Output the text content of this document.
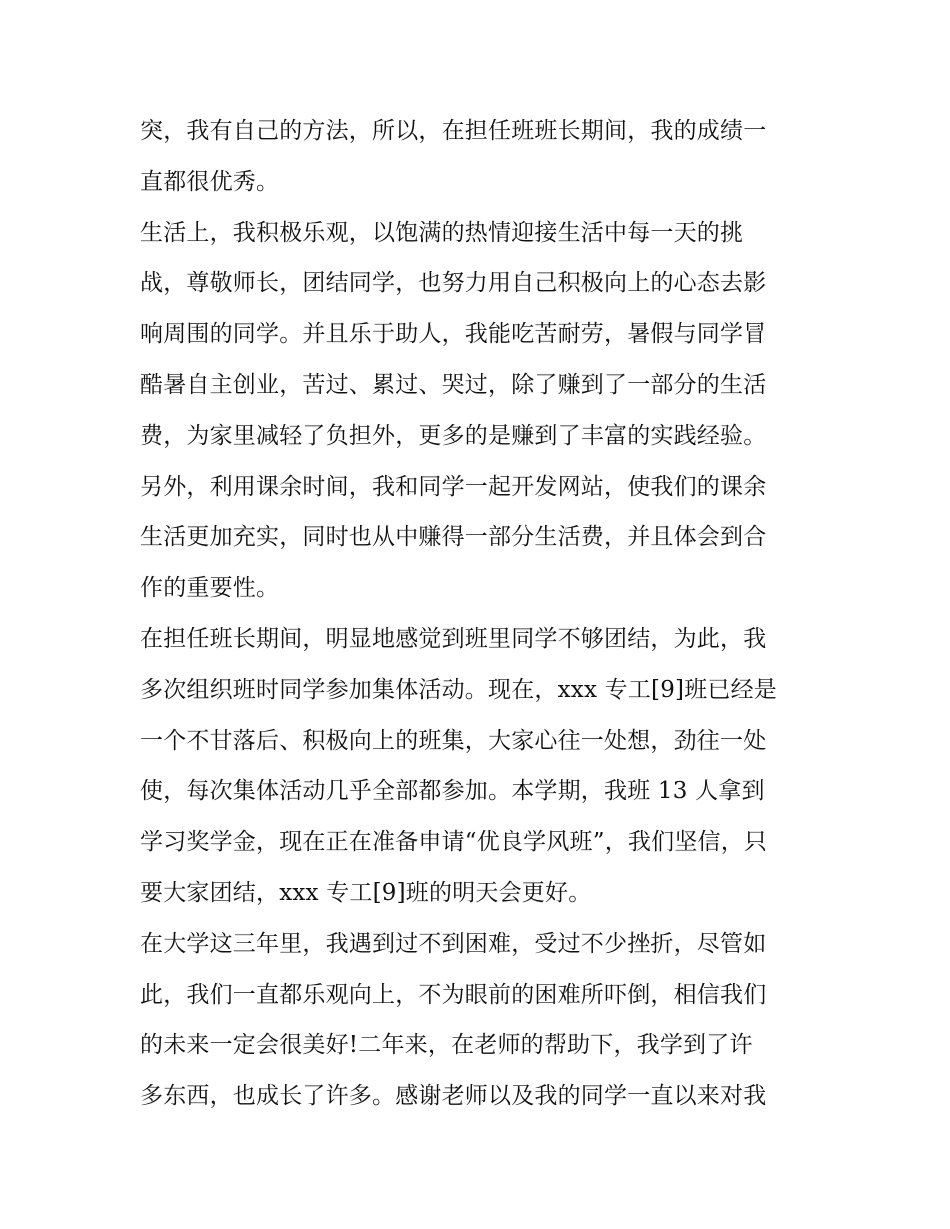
突，我有自己的方法，所以，在担任班班长期间，我的成绩一
直都很优秀。
生活上，我积极乐观，以饱满的热情迎接生活中每一天的挑
战，尊敬师长，团结同学，也努力用自己积极向上的心态去影
响周围的同学。并且乐于助人，我能吃苦耐劳，暑假与同学冒
酷暑自主创业，苦过、累过、哭过，除了赚到了一部分的生活
费，为家里减轻了负担外，更多的是赚到了丰富的实践经验。
另外，利用课余时间，我和同学一起开发网站，使我们的课余
生活更加充实，同时也从中赚得一部分生活费，并且体会到合
作的重要性。
在担任班长期间，明显地感觉到班里同学不够团结，为此，我
多次组织班时同学参加集体活动。现在，xxx 专工[9]班已经是
一个不甘落后、积极向上的班集，大家心往一处想，劲往一处
使，每次集体活动几乎全部都参加。本学期，我班 13 人拿到
学习奖学金，现在正在准备申请“优良学风班”，我们坚信，只
要大家团结，xxx 专工[9]班的明天会更好。
在大学这三年里，我遇到过不到困难，受过不少挫折，尽管如
此，我们一直都乐观向上，不为眼前的困难所吓倒，相信我们
的未来一定会很美好!二年来，在老师的帮助下，我学到了许
多东西，也成长了许多。感谢老师以及我的同学一直以来对我
